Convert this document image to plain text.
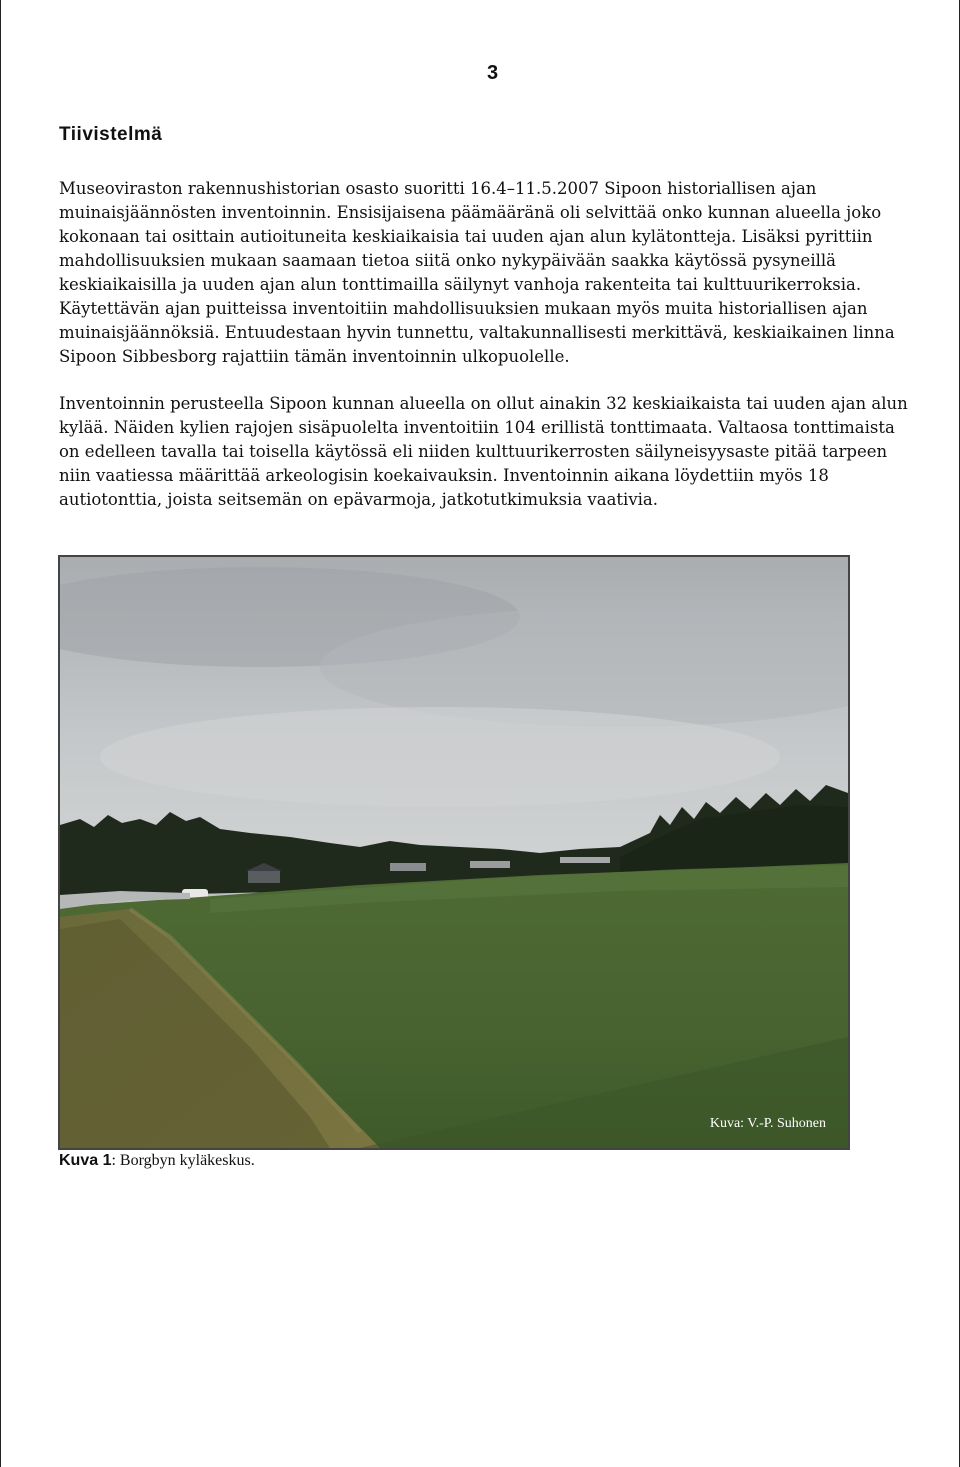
3
Tiivistelmä

Museoviraston rakennushistorian osasto suoritti 16.4–11.5.2007 Sipoon historiallisen ajan muinaisjäännösten inventoinnin. Ensisijaisena päämääränä oli selvittää onko kunnan alueella joko kokonaan tai osittain autioituneita keskiaikaisia tai uuden ajan alun kylätontteja. Lisäksi pyrittiin mahdollisuuksien mukaan saamaan tietoa siitä onko nykypäivään saakka käytössä pysyneillä keskiaikaisilla ja uuden ajan alun tonttimailla säilynyt vanhoja rakenteita tai kulttuurikerroksia. Käytettävän ajan puitteissa inventoitiin mahdollisuuksien mukaan myös muita historiallisen ajan muinaisjäännöksiä. Entuudestaan hyvin tunnettu, valtakunnallisesti merkittävä, keskiaikainen linna Sipoon Sibbesborg rajattiin tämän inventoinnin ulkopuolelle.

Inventoinnin perusteella Sipoon kunnan alueella on ollut ainakin 32 keskiaikaista tai uuden ajan alun kylää. Näiden kylien rajojen sisäpuolelta inventoitiin 104 erillistä tonttimaata. Valtaosa tonttimaista on edelleen tavalla tai toisella käytössä eli niiden kulttuurikerrosten säilyneisyysaste pitää tarpeen niin vaatiessa määrittää arkeologisin koekaivauksin. Inventoinnin aikana löydettiin myös 18 autiotonttia, joista seitsemän on epävarmoja, jatkotutkimuksia vaativia.

Kuva: V.-P. Suhonen
Kuva 1: Borgbyn kyläkeskus.
